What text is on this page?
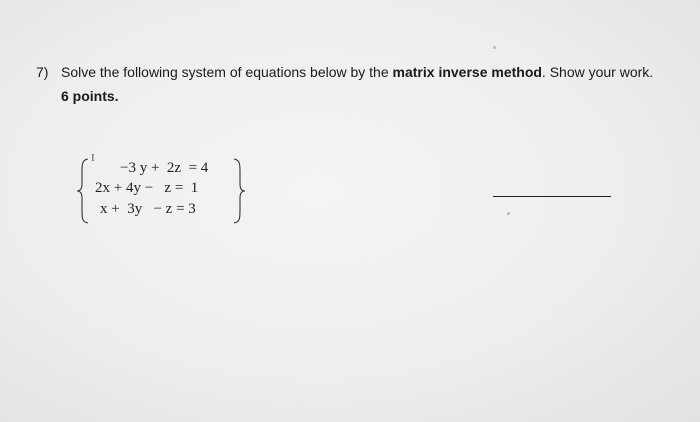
7) Solve the following system of equations below by the matrix inverse method. Show your work.
6 points.
I
−3 y +  2z  = 4
2x + 4y −   z =  1
x +  3y   − z = 3
